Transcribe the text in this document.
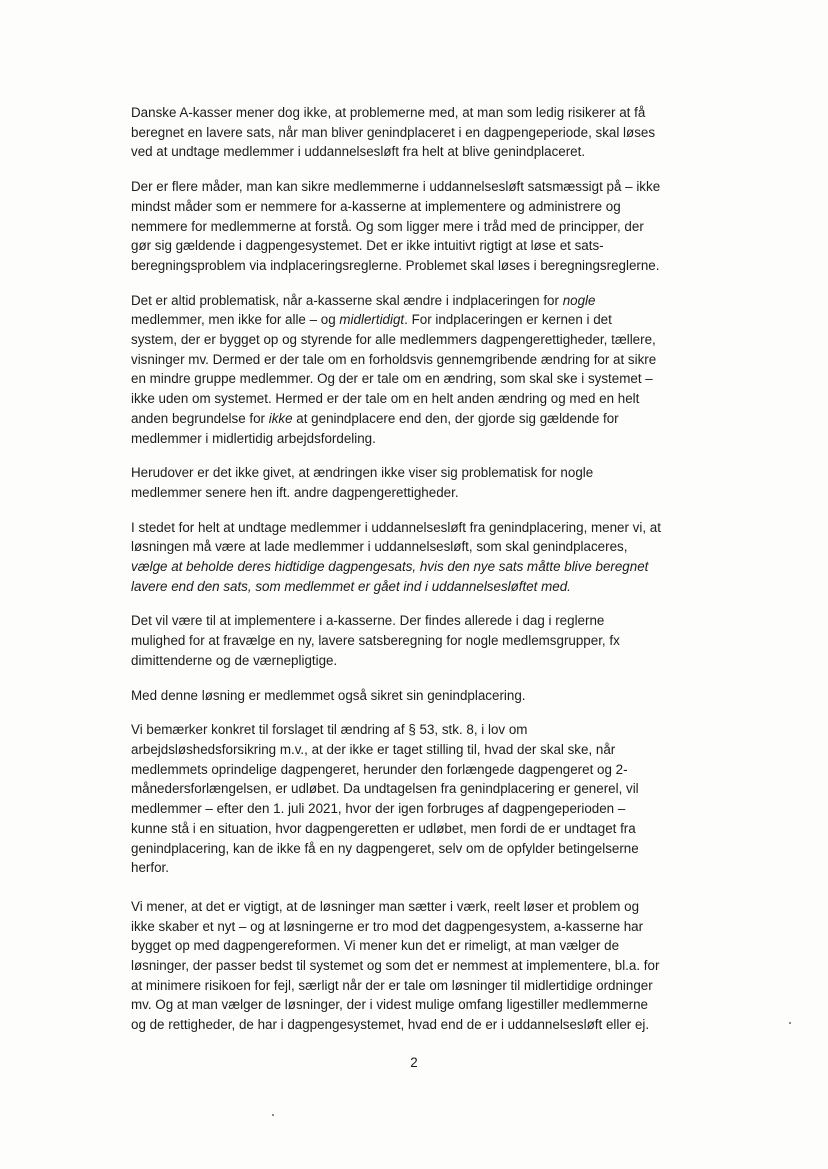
Danske A-kasser mener dog ikke, at problemerne med, at man som ledig risikerer at få beregnet en lavere sats, når man bliver genindplaceret i en dagpengeperiode, skal løses ved at undtage medlemmer i uddannelsesløft fra helt at blive genindplaceret.

Der er flere måder, man kan sikre medlemmerne i uddannelsesløft satsmæssigt på – ikke mindst måder som er nemmere for a-kasserne at implementere og administrere og nemmere for medlemmerne at forstå. Og som ligger mere i tråd med de principper, der gør sig gældende i dagpengesystemet. Det er ikke intuitivt rigtigt at løse et sats-beregningsproblem via indplaceringsreglerne. Problemet skal løses i beregningsreglerne.

Det er altid problematisk, når a-kasserne skal ændre i indplaceringen for nogle medlemmer, men ikke for alle – og midlertidigt. For indplaceringen er kernen i det system, der er bygget op og styrende for alle medlemmers dagpengerettigheder, tællere, visninger mv. Dermed er der tale om en forholdsvis gennemgribende ændring for at sikre en mindre gruppe medlemmer. Og der er tale om en ændring, som skal ske i systemet – ikke uden om systemet. Hermed er der tale om en helt anden ændring og med en helt anden begrundelse for ikke at genindplacere end den, der gjorde sig gældende for medlemmer i midlertidig arbejdsfordeling.

Herudover er det ikke givet, at ændringen ikke viser sig problematisk for nogle medlemmer senere hen ift. andre dagpengerettigheder.

I stedet for helt at undtage medlemmer i uddannelsesløft fra genindplacering, mener vi, at løsningen må være at lade medlemmer i uddannelsesløft, som skal genindplaceres, vælge at beholde deres hidtidige dagpengesats, hvis den nye sats måtte blive beregnet lavere end den sats, som medlemmet er gået ind i uddannelsesløftet med.

Det vil være til at implementere i a-kasserne. Der findes allerede i dag i reglerne mulighed for at fravælge en ny, lavere satsberegning for nogle medlemsgrupper, fx dimittenderne og de værnepligtige.

Med denne løsning er medlemmet også sikret sin genindplacering.

Vi bemærker konkret til forslaget til ændring af § 53, stk. 8, i lov om arbejdsløshedsforsikring m.v., at der ikke er taget stilling til, hvad der skal ske, når medlemmets oprindelige dagpengeret, herunder den forlængede dagpengeret og 2-månedersforlængelsen, er udløbet. Da undtagelsen fra genindplacering er generel, vil medlemmer – efter den 1. juli 2021, hvor der igen forbruges af dagpengeperioden – kunne stå i en situation, hvor dagpengeretten er udløbet, men fordi de er undtaget fra genindplacering, kan de ikke få en ny dagpengeret, selv om de opfylder betingelserne herfor.

Vi mener, at det er vigtigt, at de løsninger man sætter i værk, reelt løser et problem og ikke skaber et nyt – og at løsningerne er tro mod det dagpengesystem, a-kasserne har bygget op med dagpengereformen. Vi mener kun det er rimeligt, at man vælger de løsninger, der passer bedst til systemet og som det er nemmest at implementere, bl.a. for at minimere risikoen for fejl, særligt når der er tale om løsninger til midlertidige ordninger mv. Og at man vælger de løsninger, der i videst mulige omfang ligestiller medlemmerne og de rettigheder, de har i dagpengesystemet, hvad end de er i uddannelsesløft eller ej.

2
